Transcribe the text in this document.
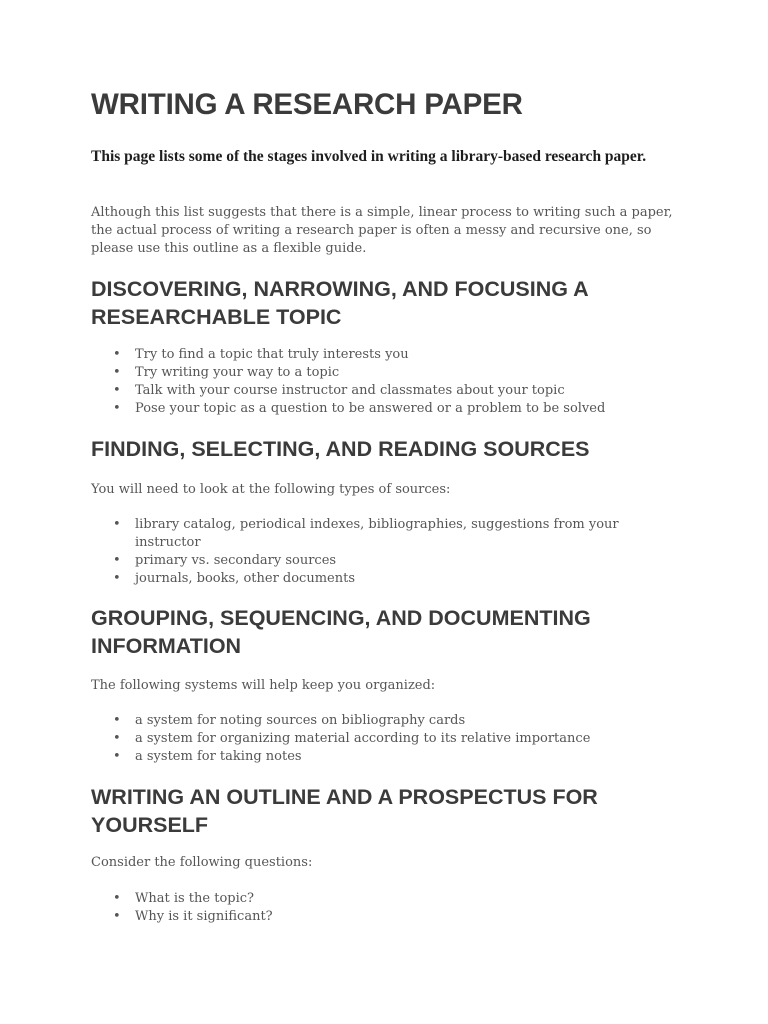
WRITING A RESEARCH PAPER

This page lists some of the stages involved in writing a library-based research paper.

Although this list suggests that there is a simple, linear process to writing such a paper, the actual process of writing a research paper is often a messy and recursive one, so please use this outline as a flexible guide.

DISCOVERING, NARROWING, AND FOCUSING A RESEARCHABLE TOPIC
• Try to find a topic that truly interests you
• Try writing your way to a topic
• Talk with your course instructor and classmates about your topic
• Pose your topic as a question to be answered or a problem to be solved
FINDING, SELECTING, AND READING SOURCES

You will need to look at the following types of sources:

• library catalog, periodical indexes, bibliographies, suggestions from your instructor
• primary vs. secondary sources
• journals, books, other documents
GROUPING, SEQUENCING, AND DOCUMENTING INFORMATION

The following systems will help keep you organized:

• a system for noting sources on bibliography cards
• a system for organizing material according to its relative importance
• a system for taking notes
WRITING AN OUTLINE AND A PROSPECTUS FOR YOURSELF

Consider the following questions:

• What is the topic?
• Why is it significant?
